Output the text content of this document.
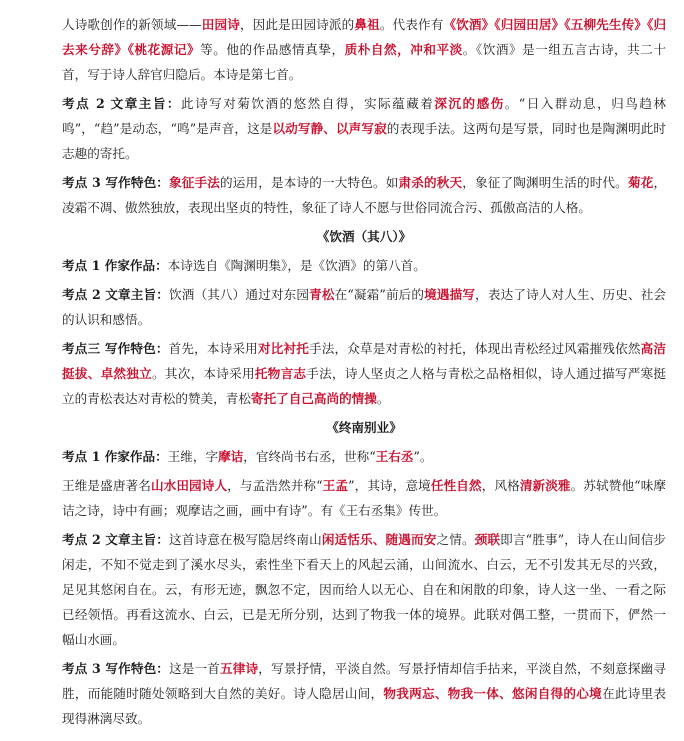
人诗歌创作的新领域——田园诗，因此是田园诗派的鼻祖。代表作有《饮酒》《归园田居》《五柳先生传》《归去来兮辞》《桃花源记》等。他的作品感情真挚，质朴自然，冲和平淡。《饮酒》是一组五言古诗，共二十首，写于诗人辞官归隐后。本诗是第七首。

考点 2 文章主旨：此诗写对菊饮酒的悠然自得，实际蕴藏着深沉的感伤。“日入群动息，归鸟趋林鸣”，“趋”是动态，“鸣”是声音，这是以动写静、以声写寂的表现手法。这两句是写景，同时也是陶渊明此时志趣的寄托。

考点 3 写作特色：象征手法的运用，是本诗的一大特色。如肃杀的秋天，象征了陶渊明生活的时代。菊花，凌霜不凋、傲然独放，表现出坚贞的特性，象征了诗人不愿与世俗同流合污、孤傲高洁的人格。

《饮酒（其八）》

考点 1 作家作品：本诗选自《陶渊明集》，是《饮酒》的第八首。

考点 2 文章主旨：饮酒（其八）通过对东园青松在“凝霜”前后的境遇描写，表达了诗人对人生、历史、社会的认识和感悟。

考点三 写作特色：首先，本诗采用对比衬托手法，众草是对青松的衬托，体现出青松经过风霜摧残依然高洁挺拔、卓然独立。其次，本诗采用托物言志手法，诗人坚贞之人格与青松之品格相似，诗人通过描写严寒挺立的青松表达对青松的赞美，青松寄托了自己高尚的情操。

《终南别业》

考点 1 作家作品：王维，字摩诘，官终尚书右丞，世称“王右丞”。

王维是盛唐著名山水田园诗人，与孟浩然并称“王孟”，其诗，意境任性自然，风格清新淡雅。苏轼赞他“味摩诘之诗，诗中有画；观摩诘之画，画中有诗”。有《王右丞集》传世。

考点 2 文章主旨：这首诗意在极写隐居终南山闲适恬乐、随遇而安之情。颈联即言“胜事”，诗人在山间信步闲走，不知不觉走到了溪水尽头，索性坐下看天上的风起云涌，山间流水、白云，无不引发其无尽的兴致，足见其悠闲自在。云，有形无迹，飘忽不定，因而给人以无心、自在和闲散的印象，诗人这一坐、一看之际已经领悟。再看这流水、白云，已是无所分别，达到了物我一体的境界。此联对偶工整，一贯而下，俨然一幅山水画。

考点 3 写作特色：这是一首五律诗，写景抒情，平淡自然。写景抒情却信手拈来，平淡自然，不刻意探幽寻胜，而能随时随处领略到大自然的美好。诗人隐居山间，物我两忘、物我一体、悠闲自得的心境在此诗里表现得淋漓尽致。
